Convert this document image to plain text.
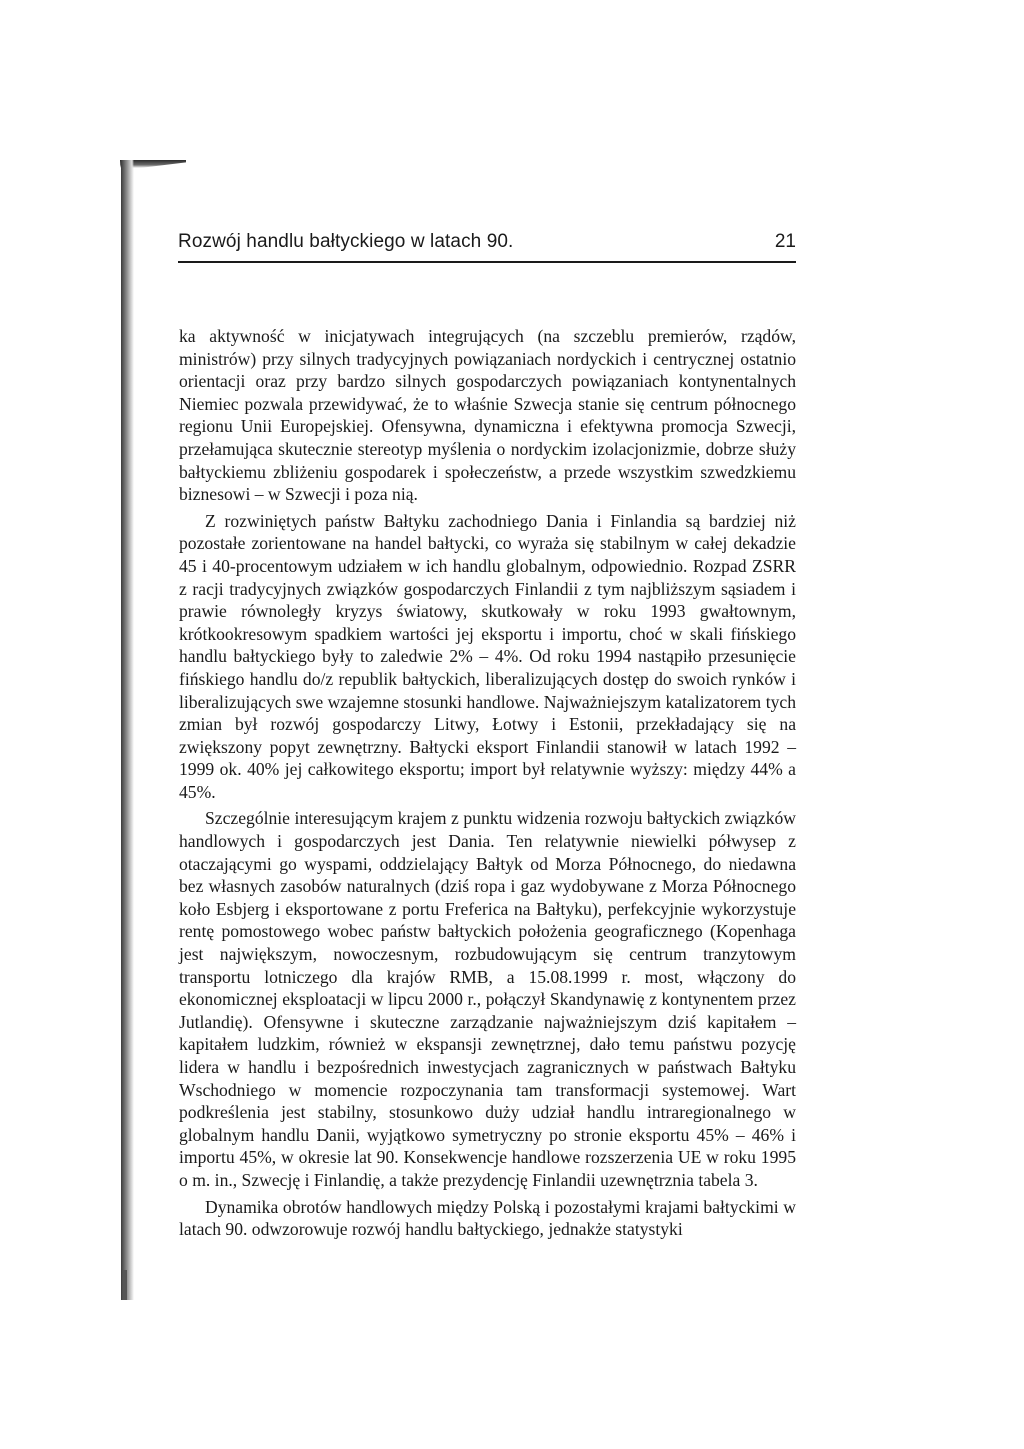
Rozwój handlu bałtyckiego w latach 90.	21

ka aktywność w inicjatywach integrujących (na szczeblu premierów, rządów, ministrów) przy silnych tradycyjnych powiązaniach nordyckich i centrycznej ostatnio orientacji oraz przy bardzo silnych gospodarczych powiązaniach kontynentalnych Niemiec pozwala przewidywać, że to właśnie Szwecja stanie się centrum północnego regionu Unii Europejskiej. Ofensywna, dynamiczna i efektywna promocja Szwecji, przełamująca skutecznie stereotyp myślenia o nordyckim izolacjonizmie, dobrze służy bałtyckiemu zbliżeniu gospodarek i społeczeństw, a przede wszystkim szwedzkiemu biznesowi – w Szwecji i poza nią.

Z rozwiniętych państw Bałtyku zachodniego Dania i Finlandia są bardziej niż pozostałe zorientowane na handel bałtycki, co wyraża się stabilnym w całej dekadzie 45 i 40-procentowym udziałem w ich handlu globalnym, odpowiednio. Rozpad ZSRR z racji tradycyjnych związków gospodarczych Finlandii z tym najbliższym sąsiadem i prawie równoległy kryzys światowy, skutkowały w roku 1993 gwałtownym, krótkookresowym spadkiem wartości jej eksportu i importu, choć w skali fińskiego handlu bałtyckiego były to zaledwie 2% – 4%. Od roku 1994 nastąpiło przesunięcie fińskiego handlu do/z republik bałtyckich, liberalizujących dostęp do swoich rynków i liberalizujących swe wzajemne stosunki handlowe. Najważniejszym katalizatorem tych zmian był rozwój gospodarczy Litwy, Łotwy i Estonii, przekładający się na zwiększony popyt zewnętrzny. Bałtycki eksport Finlandii stanowił w latach 1992 –1999 ok. 40% jej całkowitego eksportu; import był relatywnie wyższy: między 44% a 45%.

Szczególnie interesującym krajem z punktu widzenia rozwoju bałtyckich związków handlowych i gospodarczych jest Dania. Ten relatywnie niewielki półwysep z otaczającymi go wyspami, oddzielający Bałtyk od Morza Północnego, do niedawna bez własnych zasobów naturalnych (dziś ropa i gaz wydobywane z Morza Północnego koło Esbjerg i eksportowane z portu Freferica na Bałtyku), perfekcyjnie wykorzystuje rentę pomostowego wobec państw bałtyckich położenia geograficznego (Kopenhaga jest największym, nowoczesnym, rozbudowującym się centrum tranzytowym transportu lotniczego dla krajów RMB, a 15.08.1999 r. most, włączony do ekonomicznej eksploatacji w lipcu 2000 r., połączył Skandynawię z kontynentem przez Jutlandię). Ofensywne i skuteczne zarządzanie najważniejszym dziś kapitałem – kapitałem ludzkim, również w ekspansji zewnętrznej, dało temu państwu pozycję lidera w handlu i bezpośrednich inwestycjach zagranicznych w państwach Bałtyku Wschodniego w momencie rozpoczynania tam transformacji systemowej. Wart podkreślenia jest stabilny, stosunkowo duży udział handlu intraregionalnego w globalnym handlu Danii, wyjątkowo symetryczny po stronie eksportu 45% – 46% i importu 45%, w okresie lat 90. Konsekwencje handlowe rozszerzenia UE w roku 1995 o m. in., Szwecję i Finlandię, a także prezydencję Finlandii uzewnętrznia tabela 3.

Dynamika obrotów handlowych między Polską i pozostałymi krajami bałtyckimi w latach 90. odwzorowuje rozwój handlu bałtyckiego, jednakże statystyki
